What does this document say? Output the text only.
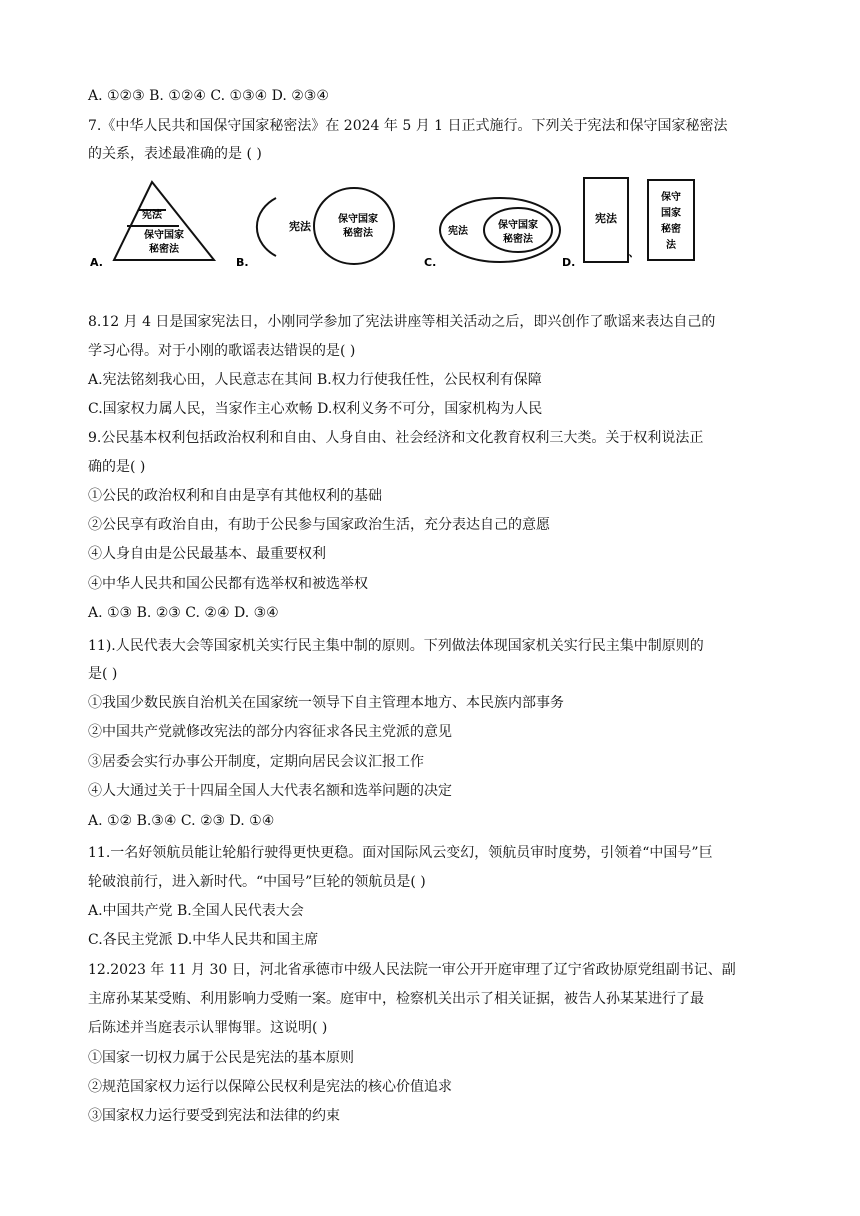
A. ①②③ B. ①②④ C. ①③④ D. ②③④
7.《中华人民共和国保守国家秘密法》在 2024 年 5 月 1 日正式施行。下列关于宪法和保守国家秘密法
的关系，表述最准确的是 ( )
宪法
保守国家
秘密法
A.
宪法
保守国家
秘密法
B.
宪法
保守国家
秘密法
C.
宪法
、
保守
国家
秘密
法
D.
8.12 月 4 日是国家宪法日，小刚同学参加了宪法讲座等相关活动之后，即兴创作了歌谣来表达自己的
学习心得。对于小刚的歌谣表达错误的是( )
A.宪法铭刻我心田，人民意志在其间 B.权力行使我任性，公民权利有保障
C.国家权力属人民，当家作主心欢畅 D.权利义务不可分，国家机构为人民
9.公民基本权利包括政治权利和自由、人身自由、社会经济和文化教育权利三大类。关于权利说法正
确的是( )
①公民的政治权利和自由是享有其他权利的基础
②公民享有政治自由，有助于公民参与国家政治生活，充分表达自己的意愿
④人身自由是公民最基本、最重要权利
④中华人民共和国公民都有选举权和被选举权
A. ①③ B. ②③ C. ②④ D. ③④
11).人民代表大会等国家机关实行民主集中制的原则。下列做法体现国家机关实行民主集中制原则的
是( )
①我国少数民族自治机关在国家统一领导下自主管理本地方、本民族内部事务
②中国共产党就修改宪法的部分内容征求各民主党派的意见
③居委会实行办事公开制度，定期向居民会议汇报工作
④人大通过关于十四届全国人大代表名额和选举问题的决定
A. ①② B.③④ C. ②③ D. ①④
11.一名好领航员能让轮船行驶得更快更稳。面对国际风云变幻，领航员审时度势，引领着“中国号”巨
轮破浪前行，进入新时代。“中国号”巨轮的领航员是( )
A.中国共产党 B.全国人民代表大会
C.各民主党派 D.中华人民共和国主席
12.2023 年 11 月 30 日，河北省承德市中级人民法院一审公开开庭审理了辽宁省政协原党组副书记、副
主席孙某某受贿、利用影响力受贿一案。庭审中，检察机关出示了相关证据，被告人孙某某进行了最
后陈述并当庭表示认罪悔罪。这说明( )
①国家一切权力属于公民是宪法的基本原则
②规范国家权力运行以保障公民权利是宪法的核心价值追求
③国家权力运行要受到宪法和法律的约束
